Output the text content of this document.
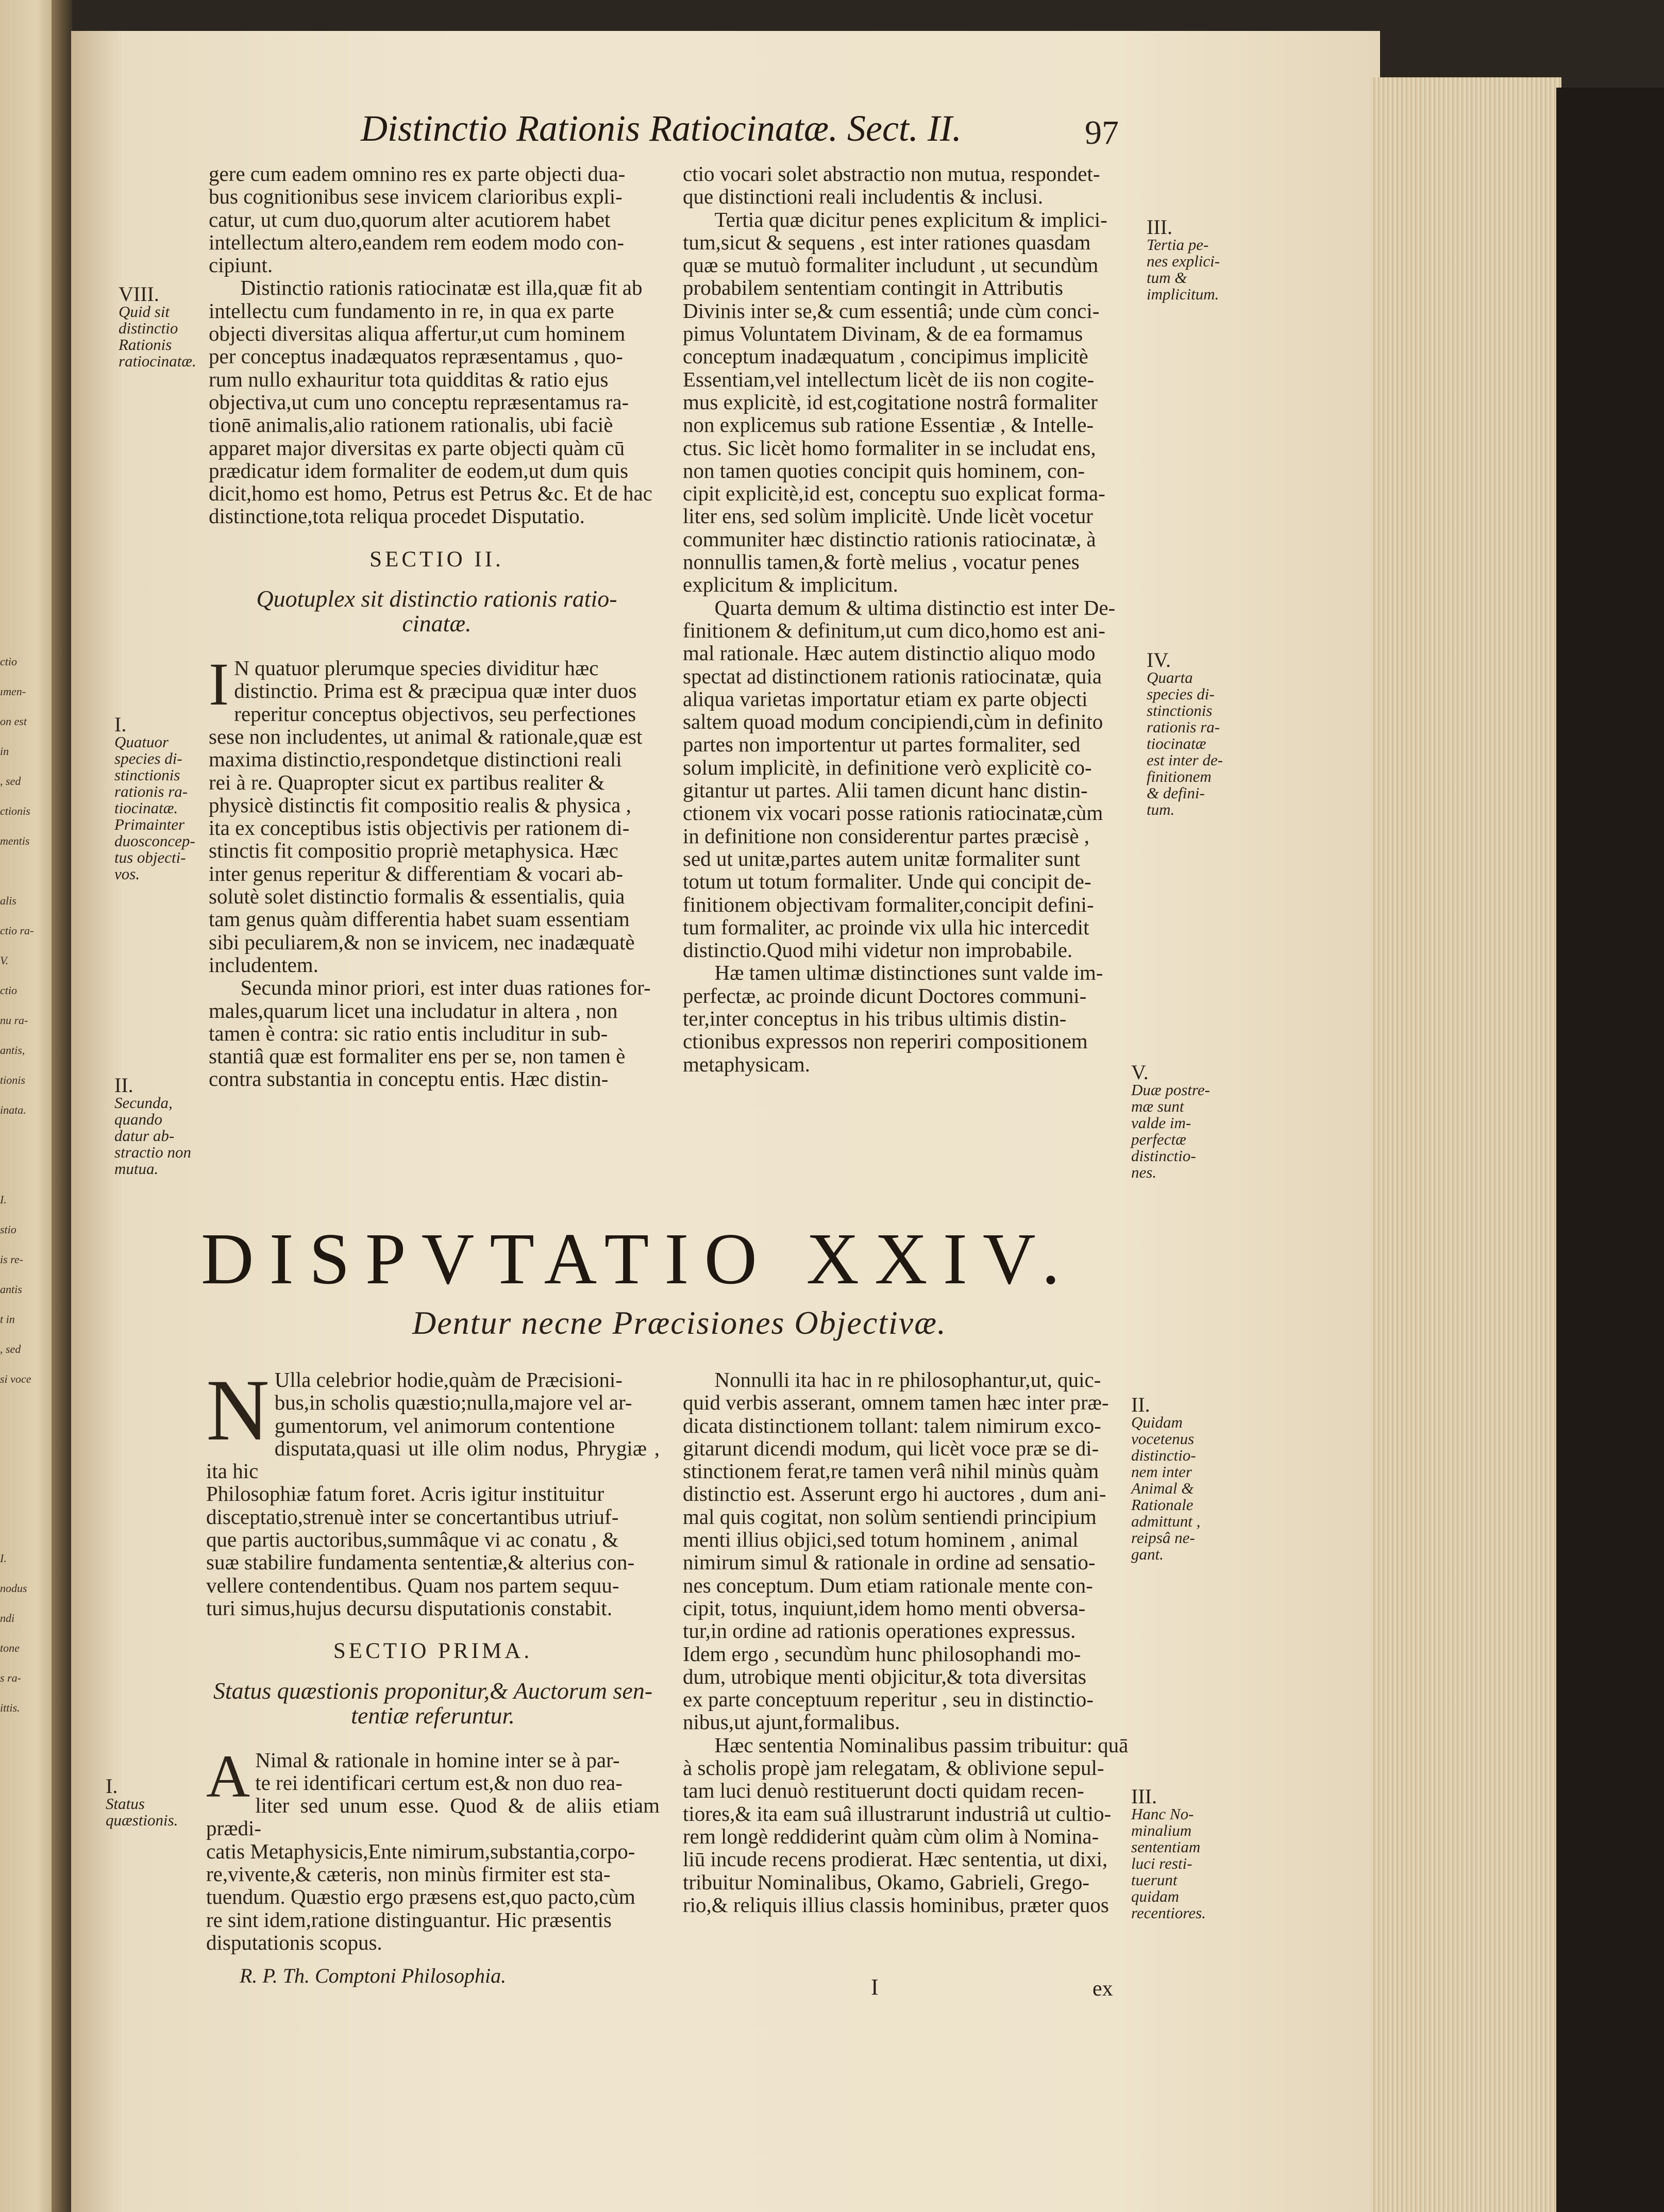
ctio
ımen-
on est
in
, sed
ctionis
mentis
alis
ctio ra-
V.
ctio
nu ra-
antis,
tionis
inata.
I.
stio
is re-
antis
t in
, sed
si voce
I.
nodus
ndi
tone
s ra-
ittis.
Distinctio Rationis Ratiocinatæ. Sect. II.	97

gere cum eadem omnino res ex parte objecti dua-
bus cognitionibus sese invicem clarioribus expli-
catur, ut cum duo,quorum alter acutiorem habet
intellectum altero,eandem rem eodem modo con-
cipiunt.

Distinctio rationis ratiocinatæ est illa,quæ fit ab
intellectu cum fundamento in re, in qua ex parte
objecti diversitas aliqua affertur,ut cum hominem
per conceptus inadæquatos repræsentamus , quo-
rum nullo exhauritur tota quidditas & ratio ejus
objectiva,ut cum uno conceptu repræsentamus ra-
tionē animalis,alio rationem rationalis, ubi faciè
apparet major diversitas ex parte objecti quàm cū
prædicatur idem formaliter de eodem,ut dum quis
dicit,homo est homo, Petrus est Petrus &c. Et de hac
distinctione,tota reliqua procedet Disputatio.

SECTIO II.
Quotuplex sit distinctio rationis ratio-
cinatæ.

I N quatuor plerumque species dividitur hæc
distinctio. Prima est & præcipua quæ inter duos
reperitur conceptus objectivos, seu perfectiones
sese non includentes, ut animal & rationale,quæ est
maxima distinctio,respondetque distinctioni reali
rei à re. Quapropter sicut ex partibus realiter &
physicè distinctis fit compositio realis & physica ,
ita ex conceptibus istis objectivis per rationem di-
stinctis fit compositio propriè metaphysica. Hæc
inter genus reperitur & differentiam & vocari ab-
solutè solet distinctio formalis & essentialis, quia
tam genus quàm differentia habet suam essentiam
sibi peculiarem,& non se invicem, nec inadæquatè
includentem.

Secunda minor priori, est inter duas rationes for-
males,quarum licet una includatur in altera , non
tamen è contra: sic ratio entis includitur in sub-
stantiâ quæ est formaliter ens per se, non tamen è
contra substantia in conceptu entis. Hæc distin-

ctio vocari solet abstractio non mutua, respondet-
que distinctioni reali includentis & inclusi.

Tertia quæ dicitur penes explicitum & implici-
tum,sicut & sequens , est inter rationes quasdam
quæ se mutuò formaliter includunt , ut secundùm
probabilem sententiam contingit in Attributis
Divinis inter se,& cum essentiâ; unde cùm conci-
pimus Voluntatem Divinam, & de ea formamus
conceptum inadæquatum , concipimus implicitè
Essentiam,vel intellectum licèt de iis non cogite-
mus explicitè, id est,cogitatione nostrâ formaliter
non explicemus sub ratione Essentiæ , & Intelle-
ctus. Sic licèt homo formaliter in se includat ens,
non tamen quoties concipit quis hominem, con-
cipit explicitè,id est, conceptu suo explicat forma-
liter ens, sed solùm implicitè. Unde licèt vocetur
communiter hæc distinctio rationis ratiocinatæ, à
nonnullis tamen,& fortè melius , vocatur penes
explicitum & implicitum.

Quarta demum & ultima distinctio est inter De-
finitionem & definitum,ut cum dico,homo est ani-
mal rationale. Hæc autem distinctio aliquo modo
spectat ad distinctionem rationis ratiocinatæ, quia
aliqua varietas importatur etiam ex parte objecti
saltem quoad modum concipiendi,cùm in definito
partes non importentur ut partes formaliter, sed
solum implicitè, in definitione verò explicitè co-
gitantur ut partes. Alii tamen dicunt hanc distin-
ctionem vix vocari posse rationis ratiocinatæ,cùm
in definitione non considerentur partes præcisè ,
sed ut unitæ,partes autem unitæ formaliter sunt
totum ut totum formaliter. Unde qui concipit de-
finitionem objectivam formaliter,concipit defini-
tum formaliter, ac proinde vix ulla hic intercedit
distinctio.Quod mihi videtur non improbabile.

Hæ tamen ultimæ distinctiones sunt valde im-
perfectæ, ac proinde dicunt Doctores communi-
ter,inter conceptus in his tribus ultimis distin-
ctionibus expressos non reperiri compositionem
metaphysicam.

DISPVTATIO XXIV.
Dentur necne Præcisiones Objectivæ.

N Ulla celebrior hodie,quàm de Præcisioni-
bus,in scholis quæstio;nulla,majore vel ar-
gumentorum, vel animorum contentione
disputata,quasi ut ille olim nodus, Phrygiæ , ita hic
Philosophiæ fatum foret. Acris igitur instituitur
disceptatio,strenuè inter se concertantibus utriuf-
que partis auctoribus,summâque vi ac conatu , &
suæ stabilire fundamenta sententiæ,& alterius con-
vellere contendentibus. Quam nos partem sequu-
turi simus,hujus decursu disputationis constabit.

SECTIO PRIMA.
Status quæstionis proponitur,& Auctorum sen-
tentiæ referuntur.

A Nimal & rationale in homine inter se à par-
te rei identificari certum est,& non duo rea-
liter sed unum esse. Quod & de aliis etiam prædi-
catis Metaphysicis,Ente nimirum,substantia,corpo-
re,vivente,& cæteris, non minùs firmiter est sta-
tuendum. Quæstio ergo præsens est,quo pacto,cùm
re sint idem,ratione distinguantur. Hic præsentis
disputationis scopus.

Nonnulli ita hac in re philosophantur,ut, quic-
quid verbis asserant, omnem tamen hæc inter præ-
dicata distinctionem tollant: talem nimirum exco-
gitarunt dicendi modum, qui licèt voce præ se di-
stinctionem ferat,re tamen verâ nihil minùs quàm
distinctio est. Asserunt ergo hi auctores , dum ani-
mal quis cogitat, non solùm sentiendi principium
menti illius objici,sed totum hominem , animal
nimirum simul & rationale in ordine ad sensatio-
nes conceptum. Dum etiam rationale mente con-
cipit, totus, inquiunt,idem homo menti obversa-
tur,in ordine ad rationis operationes expressus.
Idem ergo , secundùm hunc philosophandi mo-
dum, utrobique menti objicitur,& tota diversitas
ex parte conceptuum reperitur , seu in distinctio-
nibus,ut ajunt,formalibus.

Hæc sententia Nominalibus passim tribuitur: quā
à scholis propè jam relegatam, & oblivione sepul-
tam luci denuò restituerunt docti quidam recen-
tiores,& ita eam suâ illustrarunt industriâ ut cultio-
rem longè reddiderint quàm cùm olim à Nomina-
liū incude recens prodierat. Hæc sententia, ut dixi,
tribuitur Nominalibus, Okamo, Gabrieli, Grego-
rio,& reliquis illius classis hominibus, præter quos

R. P. Th. Comptoni Philosophia.	I	ex
VIII.
Quid sit
distinctio
Rationis
ratiocinatæ.
I.
Quatuor
species di-
stinctionis
rationis ra-
tiocinatæ.
Primainter
duosconcep-
tus objecti-
vos.
II.
Secunda,
quando
datur ab-
stractio non
mutua.
III.
Tertia pe-
nes explici-
tum &
implicitum.
IV.
Quarta
species di-
stinctionis
rationis ra-
tiocinatæ
est inter de-
finitionem
& defini-
tum.
V.
Duæ postre-
mæ sunt
valde im-
perfectæ
distinctio-
nes.
II.
Quidam
vocetenus
distinctio-
nem inter
Animal &
Rationale
admittunt ,
reipsâ ne-
gant.
I.
Status
quæstionis.
III.
Hanc No-
minalium
sententiam
luci resti-
tuerunt
quidam
recentiores.
